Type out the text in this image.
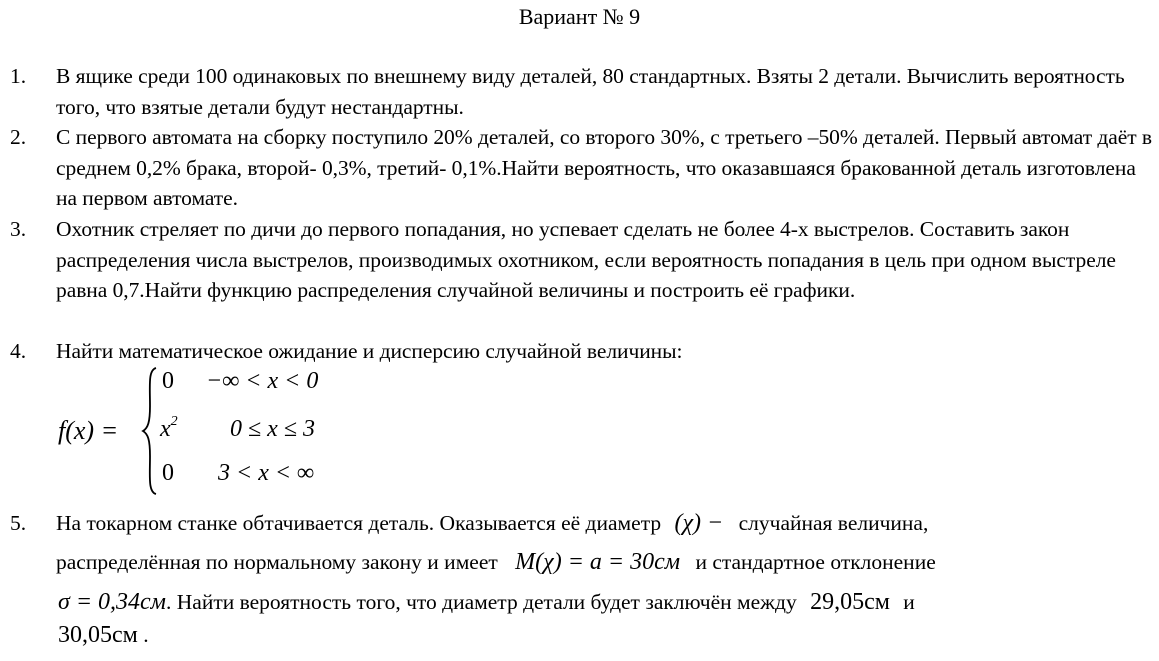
Вариант № 9
1. В ящике среди 100 одинаковых по внешнему виду деталей, 80 стандартных. Взяты 2 детали. Вычислить вероятность того, что взятые детали будут нестандартны.
2. С первого автомата на сборку поступило 20% деталей, со второго 30%, с третьего –50% деталей. Первый автомат даёт в среднем 0,2% брака, второй- 0,3%, третий- 0,1%.Найти вероятность, что оказавшаяся бракованной деталь изготовлена на первом автомате.
3. Охотник стреляет по дичи до первого попадания, но успевает сделать не более 4-х выстрелов. Составить закон распределения числа выстрелов, производимых охотником, если вероятность попадания в цель при одном выстреле равна 0,7.Найти функцию распределения случайной величины и построить её графики.
4. Найти математическое ожидание и дисперсию случайной величины:
f(x) =
0 −∞ < x < 0
$x^2$ 0 ≤ x ≤ 3
0 3 < x < ∞
5. На токарном станке обтачивается деталь. Оказывается её диаметр (χ) − случайная величина,
распределённая по нормальному закону и имеет M(χ) = a = 30см и стандартное отклонение
σ = 0,34см. Найти вероятность того, что диаметр детали будет заключён между 29,05см и
30,05см .
